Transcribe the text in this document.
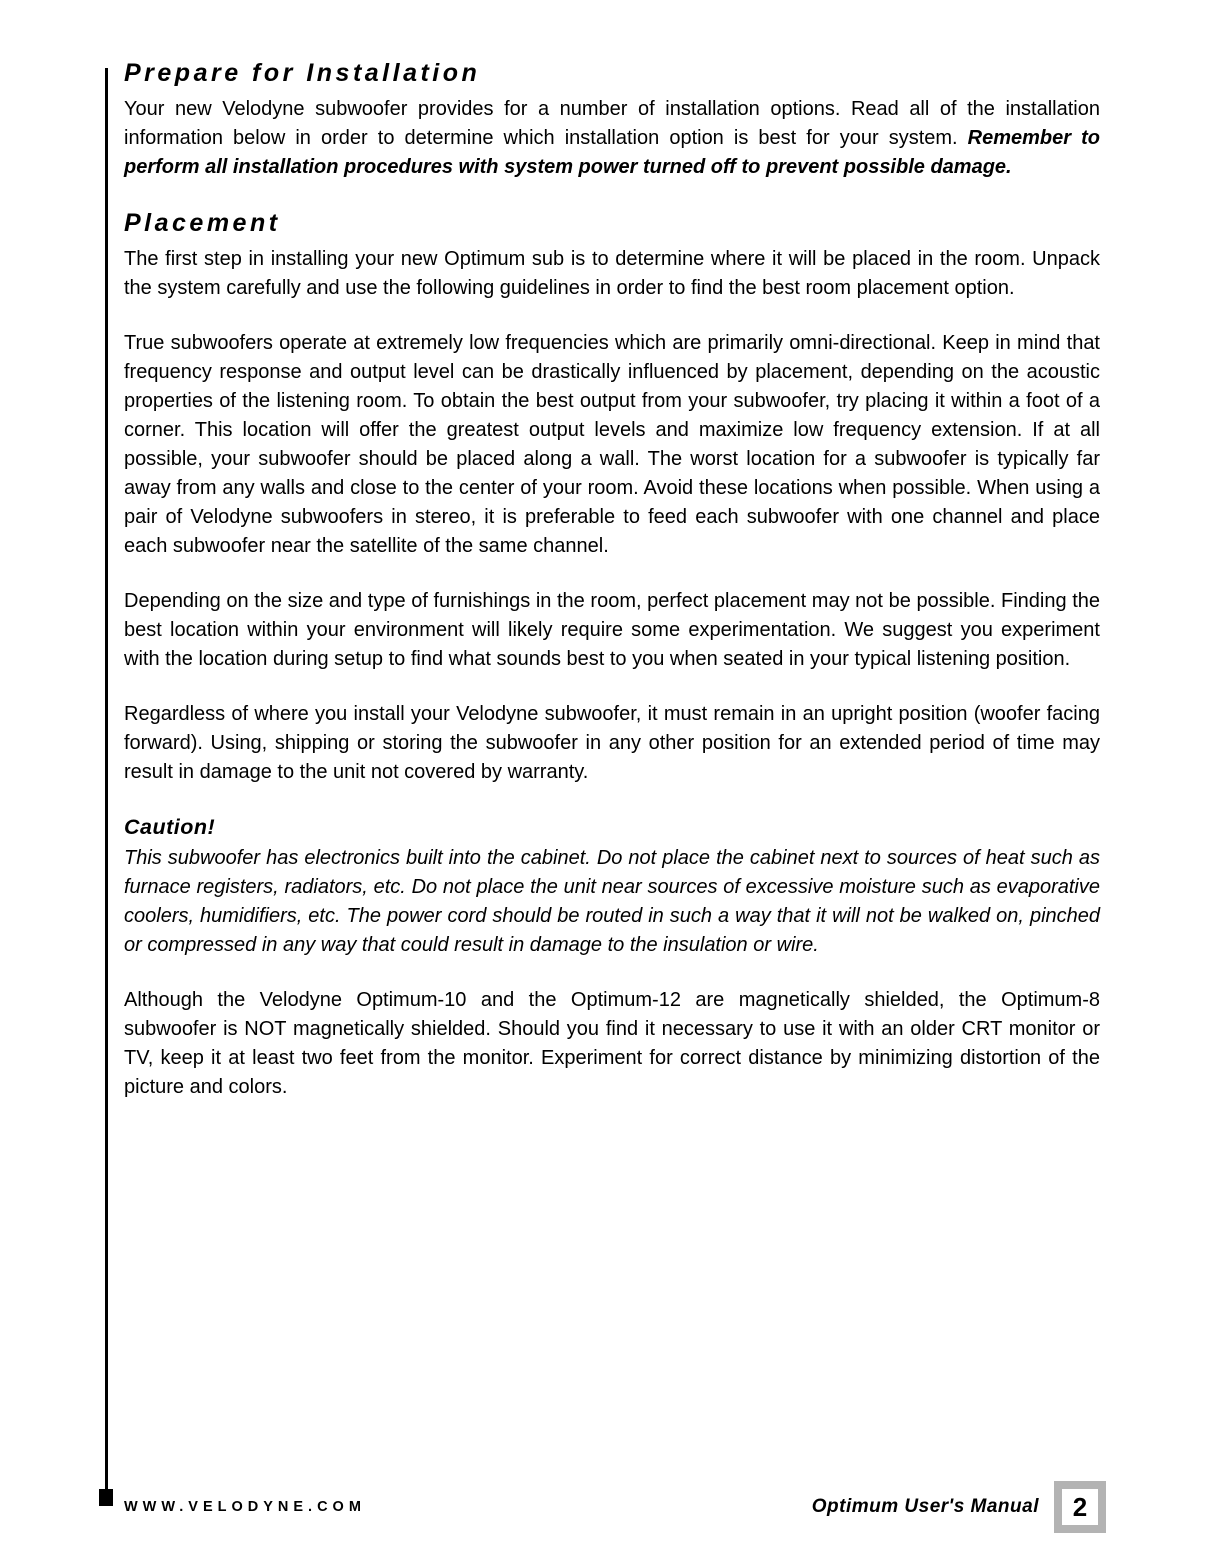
Prepare for Installation

Your new Velodyne subwoofer provides for a number of installation options. Read all of the installation information below in order to determine which installation option is best for your system. Remember to perform all installation procedures with system power turned off to prevent possible damage.

Placement

The first step in installing your new Optimum sub is to determine where it will be placed in the room. Unpack the system carefully and use the following guidelines in order to find the best room placement option.

True subwoofers operate at extremely low frequencies which are primarily omni-directional. Keep in mind that frequency response and output level can be drastically influenced by placement, depending on the acoustic properties of the listening room. To obtain the best output from your subwoofer, try placing it within a foot of a corner. This location will offer the greatest output levels and maximize low frequency extension. If at all possible, your subwoofer should be placed along a wall. The worst location for a subwoofer is typically far away from any walls and close to the center of your room. Avoid these locations when possible. When using a pair of Velodyne subwoofers in stereo, it is preferable to feed each subwoofer with one channel and place each subwoofer near the satellite of the same channel.

Depending on the size and type of furnishings in the room, perfect placement may not be possible. Finding the best location within your environment will likely require some experimentation. We suggest you experiment with the location during setup to find what sounds best to you when seated in your typical listening position.

Regardless of where you install your Velodyne subwoofer, it must remain in an upright position (woofer facing forward). Using, shipping or storing the subwoofer in any other position for an extended period of time may result in damage to the unit not covered by warranty.

Caution!

This subwoofer has electronics built into the cabinet. Do not place the cabinet next to sources of heat such as furnace registers, radiators, etc. Do not place the unit near sources of excessive moisture such as evaporative coolers, humidifiers, etc. The power cord should be routed in such a way that it will not be walked on, pinched or compressed in any way that could result in damage to the insulation or wire.

Although the Velodyne Optimum-10 and the Optimum-12 are magnetically shielded, the Optimum-8 subwoofer is NOT magnetically shielded. Should you find it necessary to use it with an older CRT monitor or TV, keep it at least two feet from the monitor. Experiment for correct distance by minimizing distortion of the picture and colors.

WWW.VELODYNE.COM	Optimum User's Manual 2
